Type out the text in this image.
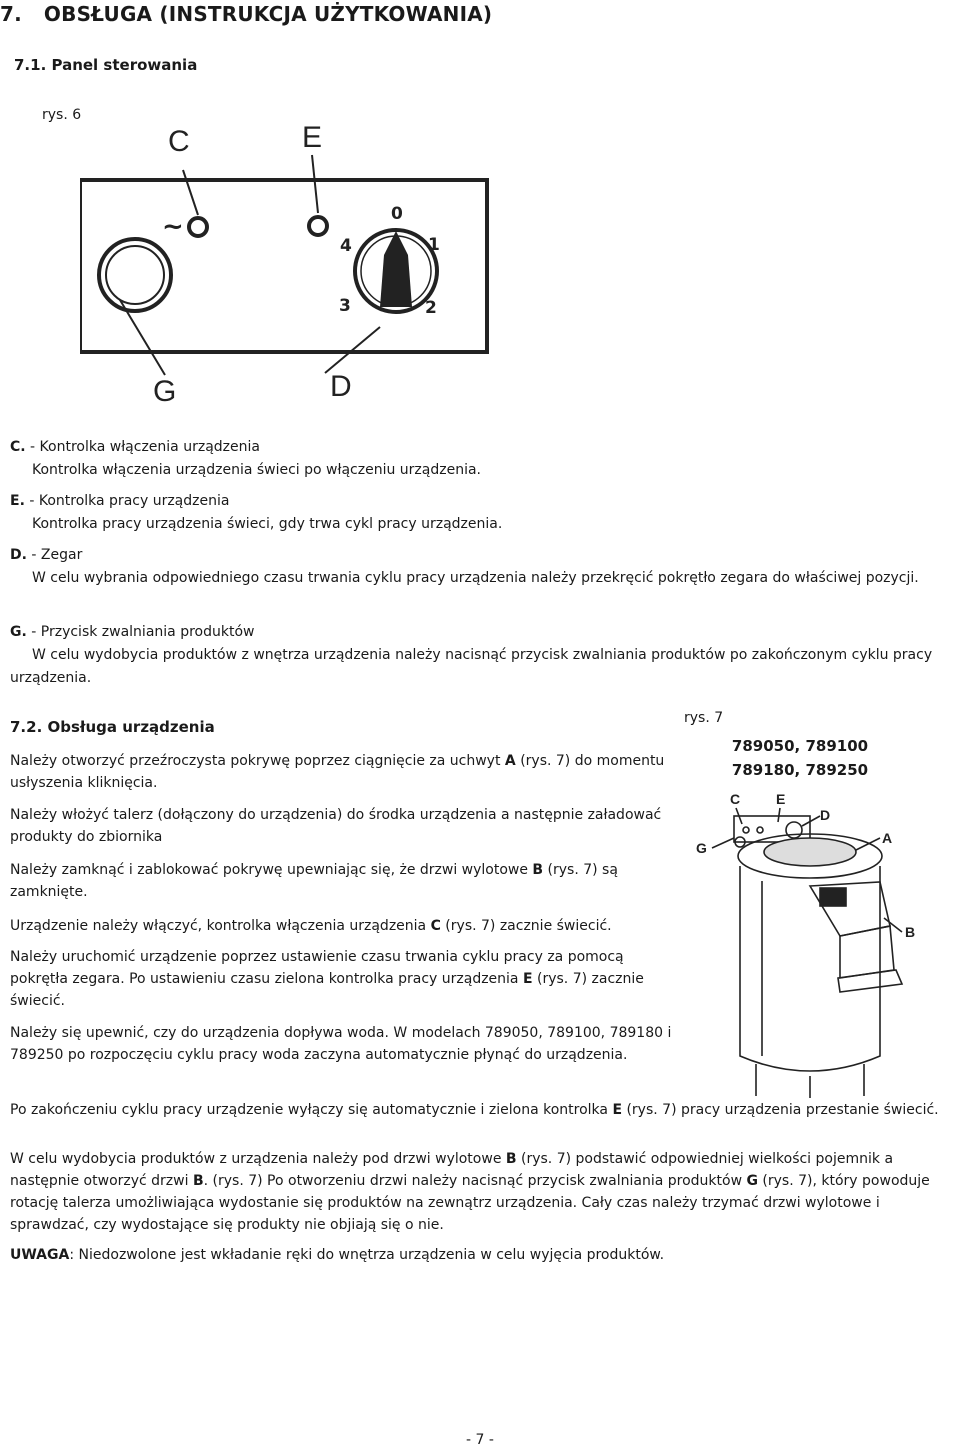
7. OBSŁUGA (INSTRUKCJA UŻYTKOWANIA)
7.1. Panel sterowania
rys. 6
C	E
G	D
~	0
1
2
3
4
C. - Kontrolka włączenia urządzenia
Kontrolka włączenia urządzenia świeci po włączeniu urządzenia.
E. - Kontrolka pracy urządzenia
Kontrolka pracy urządzenia świeci, gdy trwa cykl pracy urządzenia.
D. - Zegar
W celu wybrania odpowiedniego czasu trwania cyklu pracy urządzenia należy przekręcić pokrętło zegara do właściwej pozycji.
G. - Przycisk zwalniania produktów
W celu wydobycia produktów z wnętrza urządzenia należy nacisnąć przycisk zwalniania produktów po zakończonym cyklu pracy urządzenia.
7.2. Obsługa urządzenia	rys. 7
789050, 789100
789180, 789250
C	E
D
G
A
B
Należy otworzyć przeźroczysta pokrywę poprzez ciągnięcie za uchwyt A (rys. 7) do momentu usłyszenia kliknięcia.
Należy włożyć talerz (dołączony do urządzenia) do środka urządzenia a następnie załadować produkty do zbiornika
Należy zamknąć i zablokować pokrywę upewniając się, że drzwi wylotowe B (rys. 7) są zamknięte.
Urządzenie należy włączyć, kontrolka włączenia urządzenia C (rys. 7) zacznie świecić.
Należy uruchomić urządzenie poprzez ustawienie czasu trwania cyklu pracy za pomocą pokrętła zegara. Po ustawieniu czasu zielona kontrolka pracy urządzenia E (rys. 7) zacznie świecić.
Należy się upewnić, czy do urządzenia dopływa woda. W modelach 789050, 789100, 789180 i 789250 po rozpoczęciu cyklu pracy woda zaczyna automatycznie płynąć do urządzenia.
Po zakończeniu cyklu pracy urządzenie wyłączy się automatycznie i zielona kontrolka E (rys. 7) pracy urządzenia przestanie świecić.
W celu wydobycia produktów z urządzenia należy pod drzwi wylotowe B (rys. 7) podstawić odpowiedniej wielkości pojemnik a następnie otworzyć drzwi B. (rys. 7) Po otworzeniu drzwi należy nacisnąć przycisk zwalniania produktów G (rys. 7), który powoduje rotację talerza umożliwiająca wydostanie się produktów na zewnątrz urządzenia. Cały czas należy trzymać drzwi wylotowe i sprawdzać, czy wydostające się produkty nie objiają się o nie.
UWAGA: Niedozwolone jest wkładanie ręki do wnętrza urządzenia w celu wyjęcia produktów.
- 7 -
